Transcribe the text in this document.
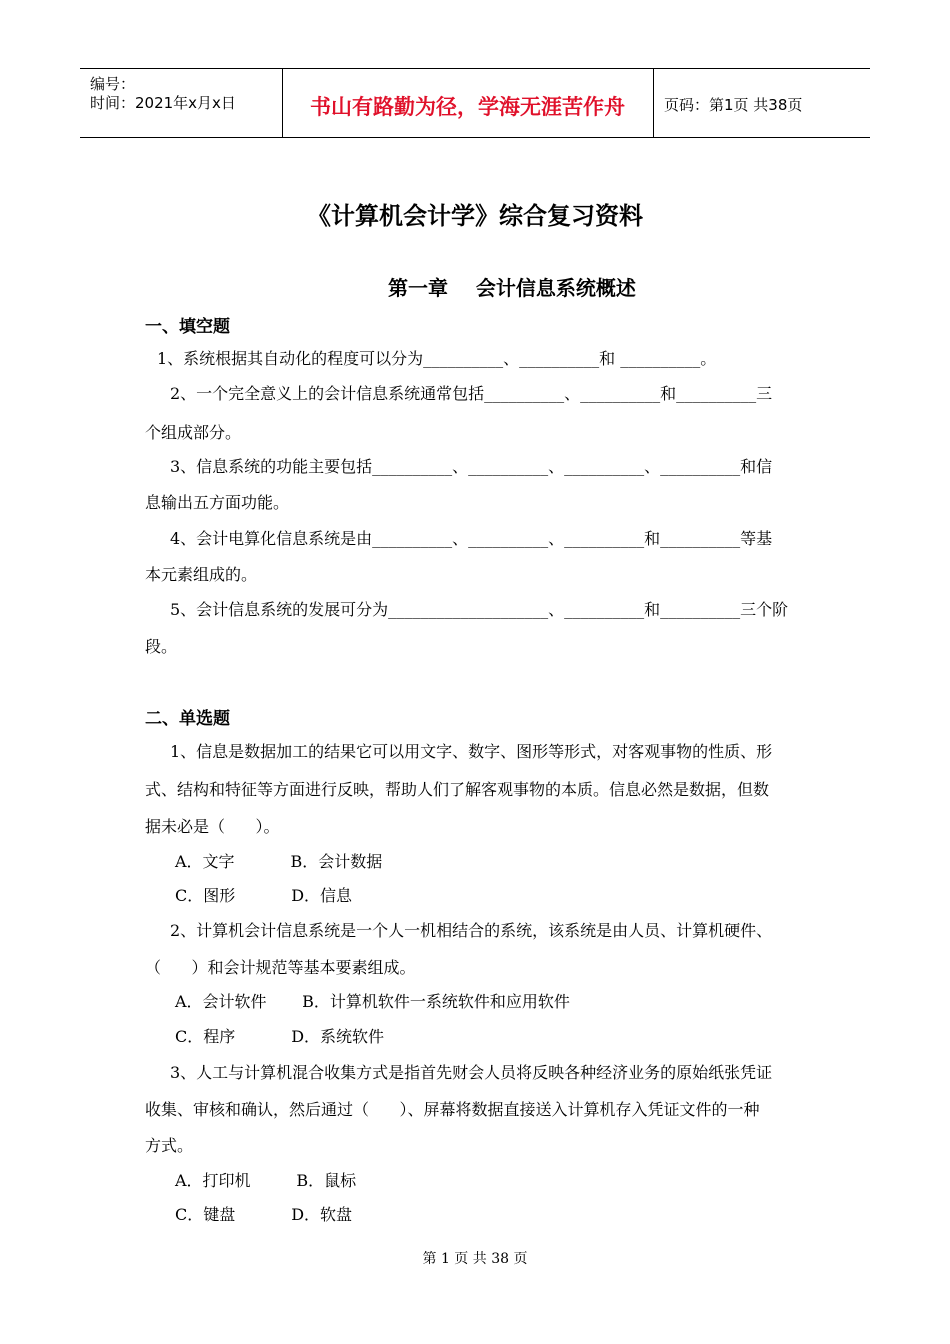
编号：
时间：2021年x月x日	书山有路勤为径，学海无涯苦作舟	页码：第1页 共38页
《计算机会计学》综合复习资料
第一章    会计信息系统概述
一、填空题
1、系统根据其自动化的程度可以分为__________、__________和 __________。
2、一个完全意义上的会计信息系统通常包括__________、__________和__________三
个组成部分。
3、信息系统的功能主要包括__________、__________、__________、__________和信
息输出五方面功能。
4、会计电算化信息系统是由__________、__________、__________和__________等基
本元素组成的。
5、会计信息系统的发展可分为____________________、__________和__________三个阶
段。
二、单选题
1、信息是数据加工的结果它可以用文字、数字、图形等形式，对客观事物的性质、形
式、结构和特征等方面进行反映，帮助人们了解客观事物的本质。信息必然是数据，但数
据未必是（      ）。
A．文字           B．会计数据
C．图形           D．信息
2、计算机会计信息系统是一个人一机相结合的系统，该系统是由人员、计算机硬件、
（      ）和会计规范等基本要素组成。
A．会计软件       B．计算机软件一系统软件和应用软件
C．程序           D．系统软件
3、人工与计算机混合收集方式是指首先财会人员将反映各种经济业务的原始纸张凭证
收集、审核和确认，然后通过（      ）、屏幕将数据直接送入计算机存入凭证文件的一种
方式。
A．打印机         B．鼠标
C．键盘           D．软盘
第 1 页 共 38 页
